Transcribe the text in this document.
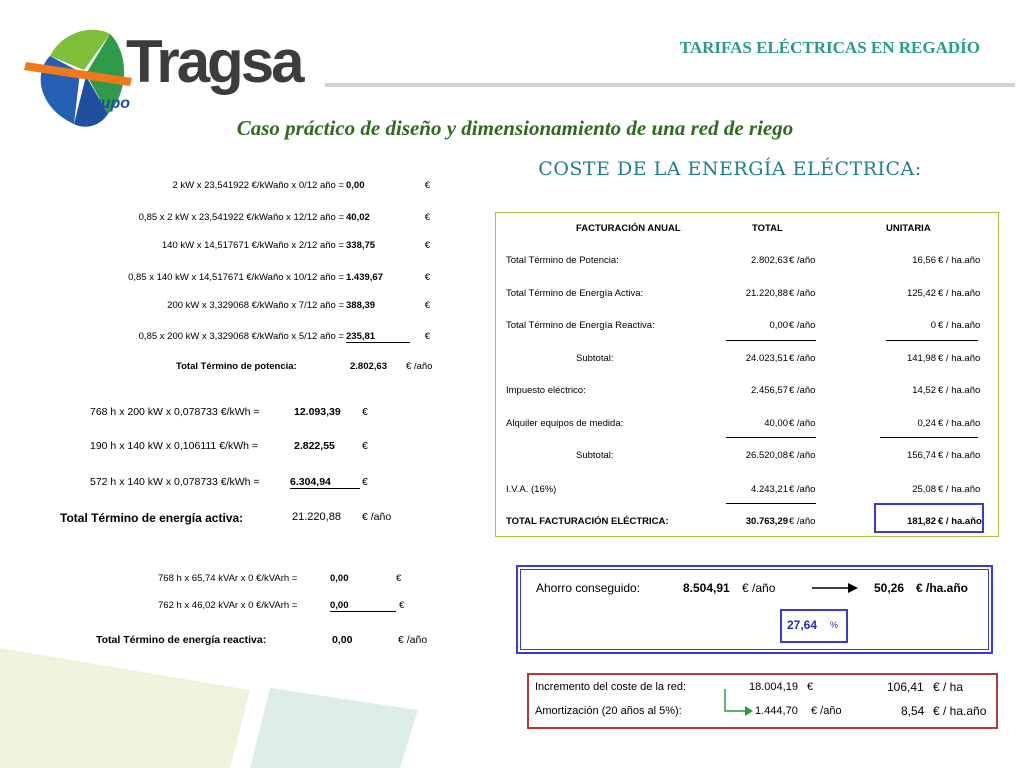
Tragsa
Grupo
TARIFAS ELÉCTRICAS EN REGADÍO
Caso práctico de diseño y dimensionamiento de una red de riego
COSTE DE LA ENERGÍA ELÉCTRICA:
2 kW x 23,541922 €/kWaño x 0/12 año = 0,00	€
0,85 x 2 kW x 23,541922 €/kWaño x 12/12 año = 40,02	€
140 kW x 14,517671 €/kWaño x 2/12 año = 338,75	€
0,85 x 140 kW x 14,517671 €/kWaño x 10/12 año = 1.439,67	€
200 kW x 3,329068 €/kWaño x 7/12 año = 388,39	€
0,85 x 200 kW x 3,329068 €/kWaño x 5/12 año = 235,81	€
Total Término de potencia:	2.802,63 € /año
768 h x 200 kW x 0,078733 €/kWh =	12.093,39 €
190 h x 140 kW x 0,106111 €/kWh =	2.822,55	€
572 h x 140 kW x 0,078733 €/kWh =	6.304,94	€
Total Término de energía activa:	21.220,88 € /año
768 h x 65,74 kVAr x 0 €/kVArh =	0,00	€
762 h x 46,02 kVAr x 0 €/kVArh =	0,00	€
Total Término de energía reactiva:	0,00	€ /año
FACTURACIÓN ANUAL	TOTAL	UNITARIA
Total Término de Potencia:	2.802,63 € /año	16,56 € / ha.año
Total Término de Energía Activa:	21.220,88 € /año	125,42 € / ha.año
Total Término de Energía Reactiva:	0,00 € /año	0 € / ha.año
Subtotal:	24.023,51 € /año	141,98 € / ha.año
Impuesto eléctrico:	2.456,57 € /año	14,52 € / ha.año
Alquiler equipos de medida:	40,00 € /año	0,24 € / ha.año
Subtotal:	26.520,08 € /año	156,74 € / ha.año
I.V.A. (16%)	4.243,21 € /año	25,08 € / ha.año
TOTAL FACTURACIÓN ELÉCTRICA:	30.763,29 € /año	181,82 € / ha.año
Ahorro conseguido:	8.504,91 € /año	50,26 € /ha.año
27,64 %
Incremento del coste de la red:	18.004,19 €	106,41 € / ha
Amortización (20 años al 5%):	1.444,70 € /año	8,54 € / ha.año
